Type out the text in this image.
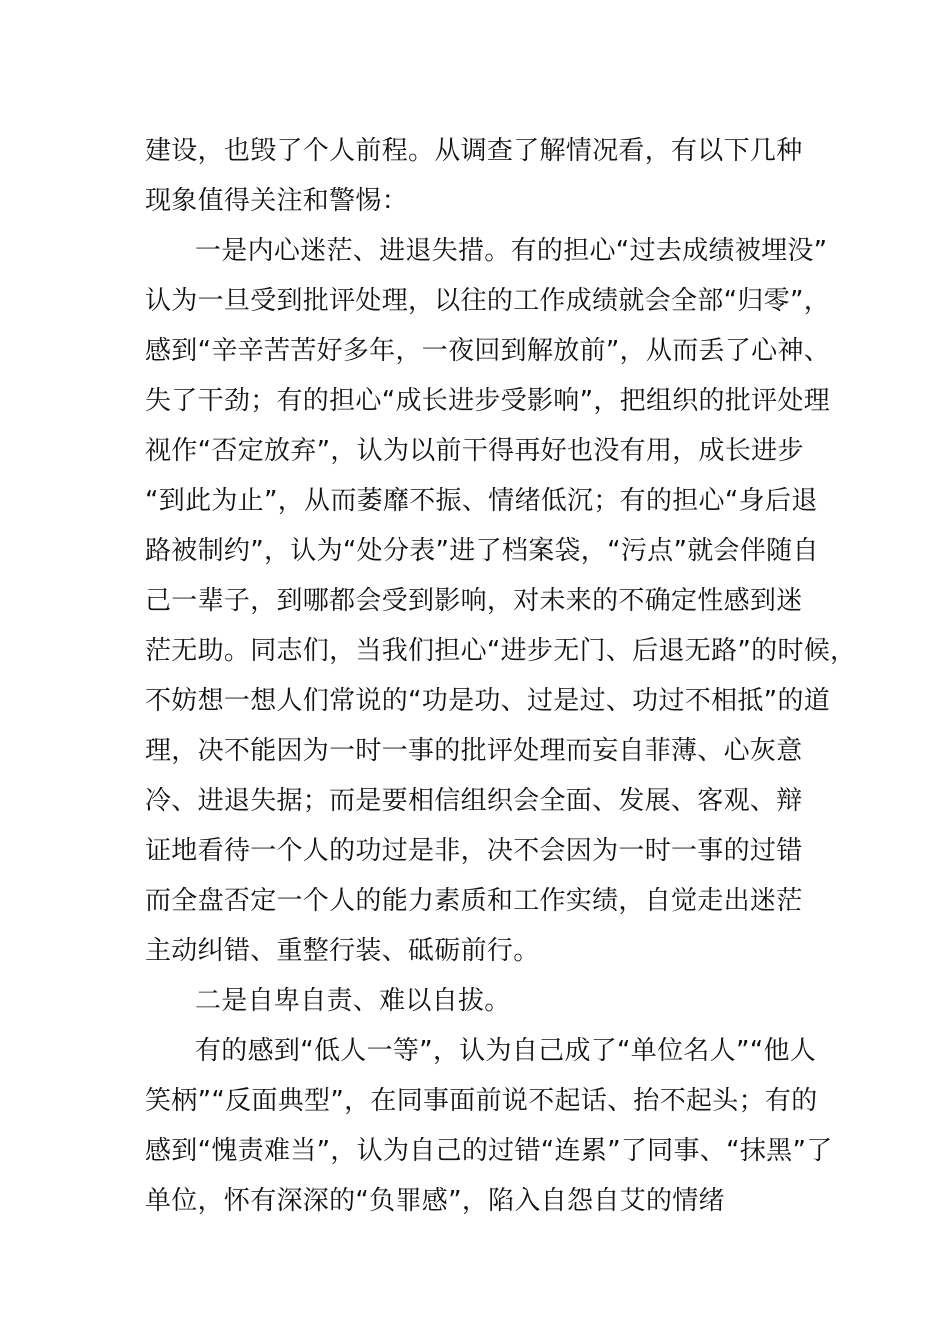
建设，也毁了个人前程。从调查了解情况看，有以下几种
现象值得关注和警惕：
一是内心迷茫、进退失措。有的担心“过去成绩被埋没”
认为一旦受到批评处理，以往的工作成绩就会全部“归零”，
感到“辛辛苦苦好多年，一夜回到解放前”，从而丢了心神、
失了干劲；有的担心“成长进步受影响”，把组织的批评处理
视作“否定放弃”，认为以前干得再好也没有用，成长进步
“到此为止”，从而萎靡不振、情绪低沉；有的担心“身后退
路被制约”，认为“处分表”进了档案袋，“污点”就会伴随自
己一辈子，到哪都会受到影响，对未来的不确定性感到迷
茫无助。同志们，当我们担心“进步无门、后退无路”的时候，
不妨想一想人们常说的“功是功、过是过、功过不相抵”的道
理，决不能因为一时一事的批评处理而妄自菲薄、心灰意
冷、进退失据；而是要相信组织会全面、发展、客观、辩
证地看待一个人的功过是非，决不会因为一时一事的过错
而全盘否定一个人的能力素质和工作实绩，自觉走出迷茫
主动纠错、重整行装、砥砺前行。
二是自卑自责、难以自拔。
有的感到“低人一等”，认为自己成了“单位名人”“他人
笑柄”“反面典型”，在同事面前说不起话、抬不起头；有的
感到“愧责难当”，认为自己的过错“连累”了同事、“抹黑”了
单位，怀有深深的“负罪感”，陷入自怨自艾的情绪
